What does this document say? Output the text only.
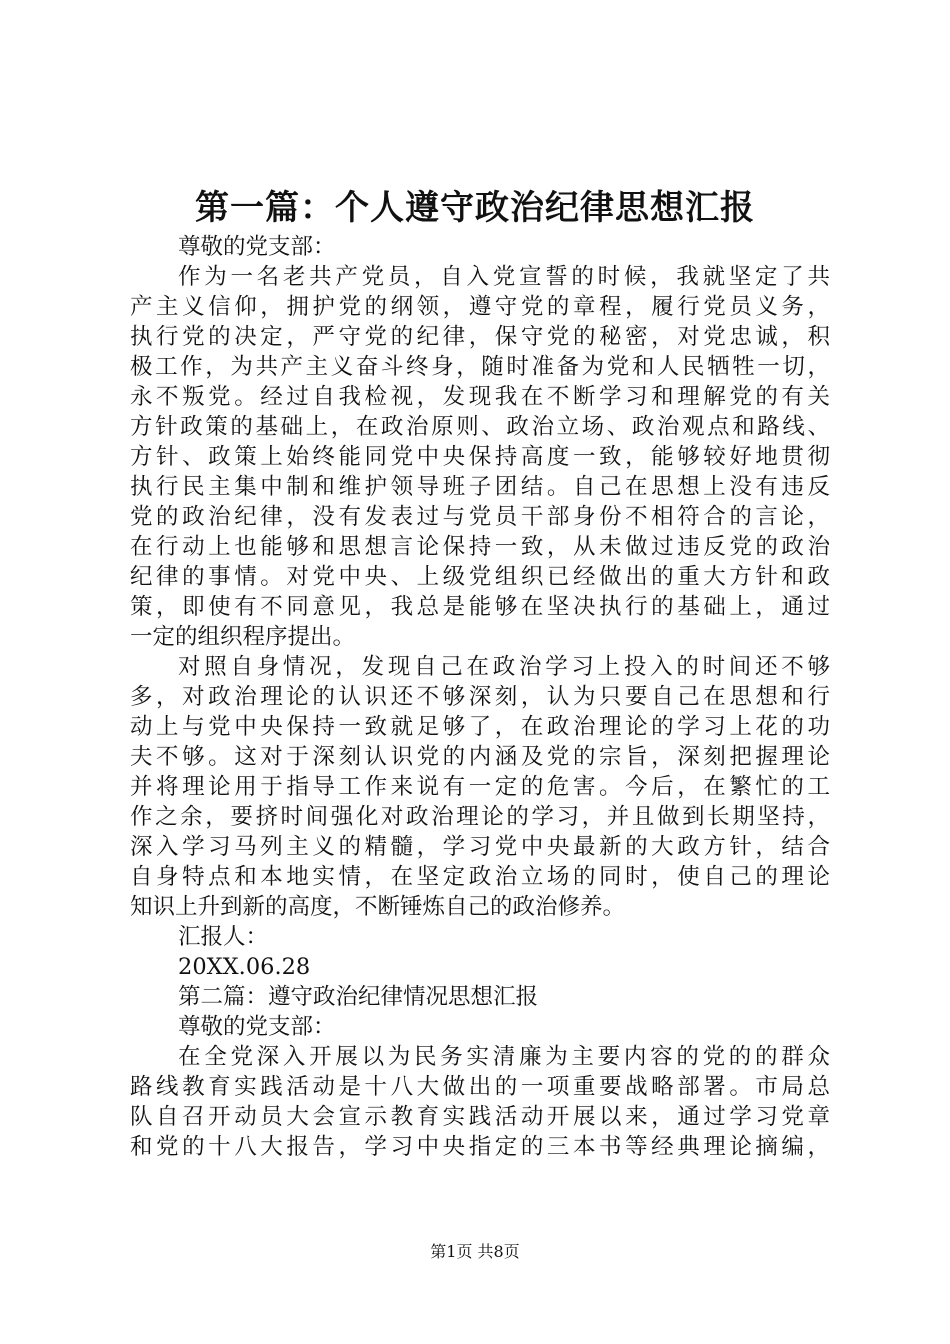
第一篇：个人遵守政治纪律思想汇报
尊敬的党支部：
作为一名老共产党员，自入党宣誓的时候，我就坚定了共
产主义信仰，拥护党的纲领，遵守党的章程，履行党员义务，
执行党的决定，严守党的纪律，保守党的秘密，对党忠诚，积
极工作，为共产主义奋斗终身，随时准备为党和人民牺牲一切，
永不叛党。经过自我检视，发现我在不断学习和理解党的有关
方针政策的基础上，在政治原则、政治立场、政治观点和路线、
方针、政策上始终能同党中央保持高度一致，能够较好地贯彻
执行民主集中制和维护领导班子团结。自己在思想上没有违反
党的政治纪律，没有发表过与党员干部身份不相符合的言论，
在行动上也能够和思想言论保持一致，从未做过违反党的政治
纪律的事情。对党中央、上级党组织已经做出的重大方针和政
策，即使有不同意见，我总是能够在坚决执行的基础上，通过
一定的组织程序提出。
对照自身情况，发现自己在政治学习上投入的时间还不够
多，对政治理论的认识还不够深刻，认为只要自己在思想和行
动上与党中央保持一致就足够了，在政治理论的学习上花的功
夫不够。这对于深刻认识党的内涵及党的宗旨，深刻把握理论
并将理论用于指导工作来说有一定的危害。今后，在繁忙的工
作之余，要挤时间强化对政治理论的学习，并且做到长期坚持，
深入学习马列主义的精髓，学习党中央最新的大政方针，结合
自身特点和本地实情，在坚定政治立场的同时，使自己的理论
知识上升到新的高度，不断锤炼自己的政治修养。
汇报人：
20XX.06.28
第二篇：遵守政治纪律情况思想汇报
尊敬的党支部：
在全党深入开展以为民务实清廉为主要内容的党的的群众
路线教育实践活动是十八大做出的一项重要战略部署。市局总
队自召开动员大会宣示教育实践活动开展以来，通过学习党章
和党的十八大报告，学习中央指定的三本书等经典理论摘编，
第1页 共8页
